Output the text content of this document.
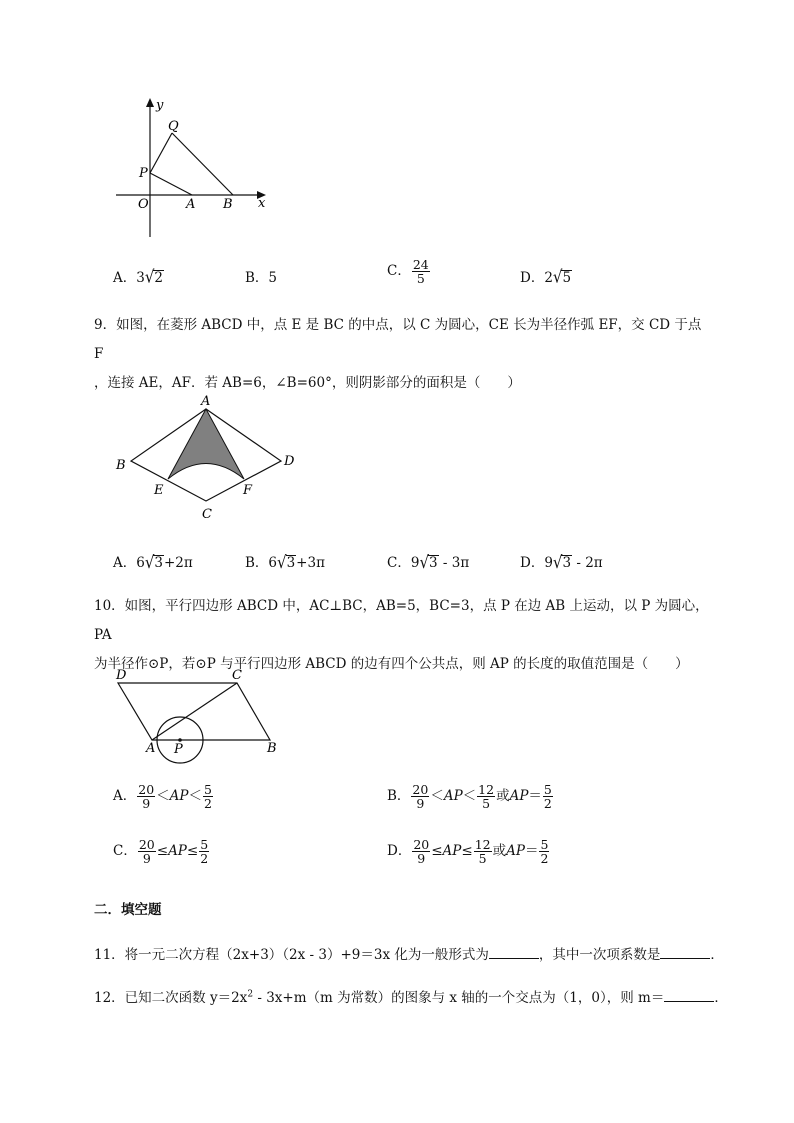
y
x
Q
P
O	A B
A．3√2	B．5	C． $\frac{24}{5}$	D．2√5
9．如图，在菱形 ABCD 中，点 E 是 BC 的中点，以 C 为圆心，CE 长为半径作弧 EF，交 CD 于点 F
，连接 AE，AF．若 AB=6，∠B=60°，则阴影部分的面积是（　　）
A
B	D
E	F
C
A．6√3+2π	B．6√3+3π	C．9√3 - 3π	D．9√3 - 2π
10．如图，平行四边形 ABCD 中，AC⊥BC，AB=5，BC=3，点 P 在边 AB 上运动，以 P 为圆心，PA
为半径作⊙P，若⊙P 与平行四边形 ABCD 的边有四个公共点，则 AP 的长度的取值范围是（　　）
D	C
A P	B
A． $\frac{20}{9} <AP< \frac{5}{2}$	B． $\frac{20}{9} <AP< \frac{12}{5}$ 或$AP= \frac{5}{2}$
C． $\frac{20}{9} \le AP\le \frac{5}{2}$	D． $\frac{20}{9} \le AP\le \frac{12}{5}$ 或$AP= \frac{5}{2}$
二．填空题
11．将一元二次方程（2x+3）（2x - 3）+9＝3x 化为一般形式为	，其中一次项系数是	．
12．已知二次函数 $y=2x^2 - 3x+m(m$ 为常数）的图象与 x 轴的一个交点为（1，0），则 m＝	．
